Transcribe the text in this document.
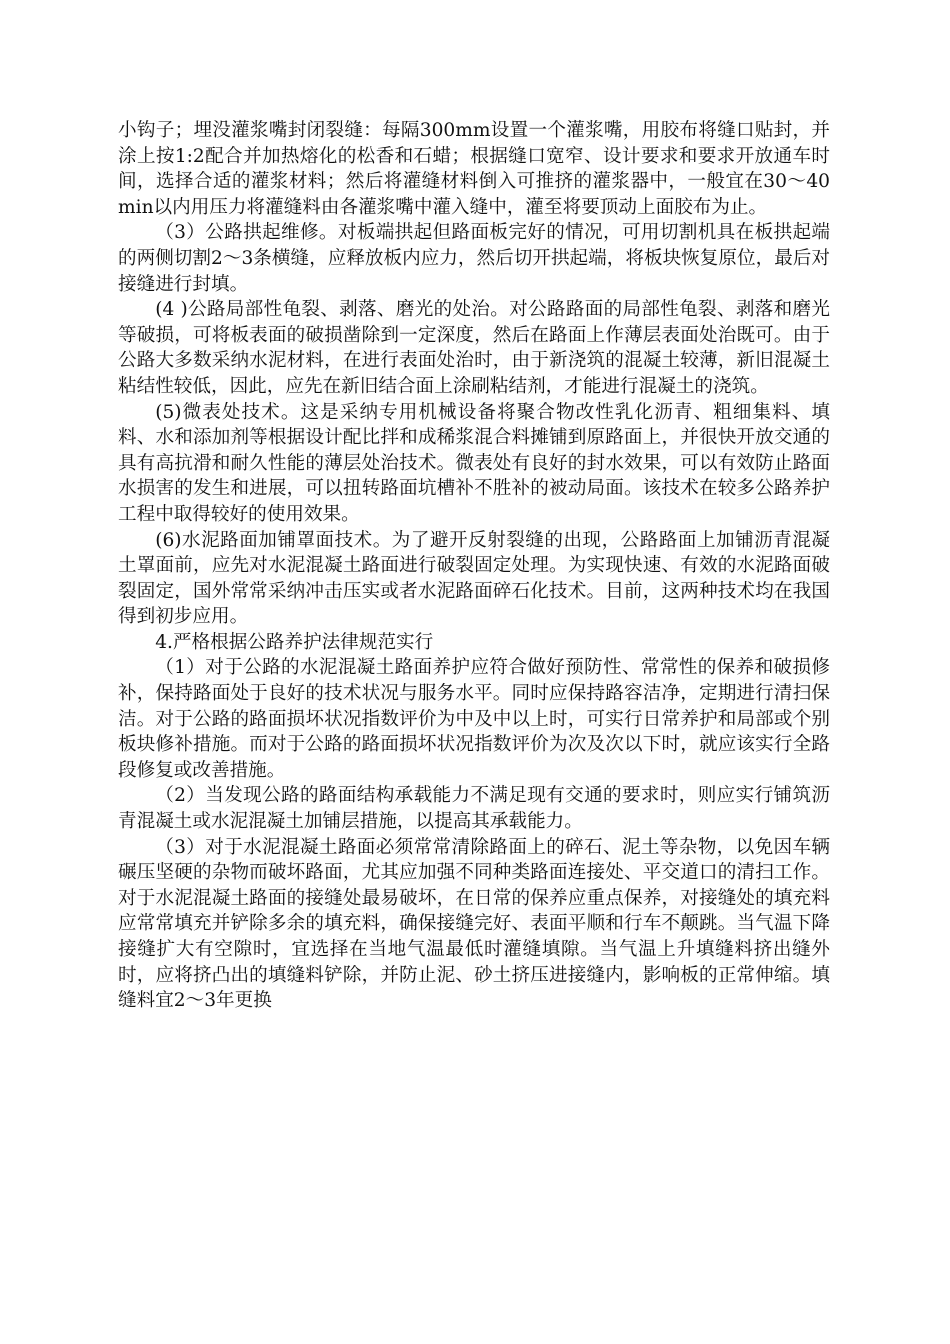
小钩子；埋没灌浆嘴封闭裂缝：每隔300mm设置一个灌浆嘴，用胶布将缝口贴封，并涂上按1:2配合并加热熔化的松香和石蜡；根据缝口宽窄、设计要求和要求开放通车时间，选择合适的灌浆材料；然后将灌缝材料倒入可推挤的灌浆器中，一般宜在30～40min以内用压力将灌缝料由各灌浆嘴中灌入缝中，灌至将要顶动上面胶布为止。

（3）公路拱起维修。对板端拱起但路面板完好的情况，可用切割机具在板拱起端的两侧切割2～3条横缝，应释放板内应力，然后切开拱起端，将板块恢复原位，最后对接缝进行封填。

(4 )公路局部性龟裂、剥落、磨光的处治。对公路路面的局部性龟裂、剥落和磨光等破损，可将板表面的破损凿除到一定深度，然后在路面上作薄层表面处治既可。由于公路大多数采纳水泥材料，在进行表面处治时，由于新浇筑的混凝土较薄，新旧混凝土粘结性较低，因此，应先在新旧结合面上涂刷粘结剂，才能进行混凝土的浇筑。

(5)微表处技术。这是采纳专用机械设备将聚合物改性乳化沥青、粗细集料、填料、水和添加剂等根据设计配比拌和成稀浆混合料摊铺到原路面上，并很快开放交通的具有高抗滑和耐久性能的薄层处治技术。微表处有良好的封水效果，可以有效防止路面水损害的发生和进展，可以扭转路面坑槽补不胜补的被动局面。该技术在较多公路养护工程中取得较好的使用效果。

(6)水泥路面加铺罩面技术。为了避开反射裂缝的出现，公路路面上加铺沥青混凝土罩面前，应先对水泥混凝土路面进行破裂固定处理。为实现快速、有效的水泥路面破裂固定，国外常常采纳冲击压实或者水泥路面碎石化技术。目前，这两种技术均在我国得到初步应用。

4.严格根据公路养护法律规范实行

（1）对于公路的水泥混凝土路面养护应符合做好预防性、常常性的保养和破损修补，保持路面处于良好的技术状况与服务水平。同时应保持路容洁净，定期进行清扫保洁。对于公路的路面损坏状况指数评价为中及中以上时，可实行日常养护和局部或个别板块修补措施。而对于公路的路面损坏状况指数评价为次及次以下时，就应该实行全路段修复或改善措施。

（2）当发现公路的路面结构承载能力不满足现有交通的要求时，则应实行铺筑沥青混凝土或水泥混凝土加铺层措施，以提高其承载能力。

（3）对于水泥混凝土路面必须常常清除路面上的碎石、泥土等杂物，以免因车辆碾压坚硬的杂物而破坏路面，尤其应加强不同种类路面连接处、平交道口的清扫工作。对于水泥混凝土路面的接缝处最易破坏，在日常的保养应重点保养，对接缝处的填充料应常常填充并铲除多余的填充料，确保接缝完好、表面平顺和行车不颠跳。当气温下降接缝扩大有空隙时，宜选择在当地气温最低时灌缝填隙。当气温上升填缝料挤出缝外时，应将挤凸出的填缝料铲除，并防止泥、砂土挤压进接缝内，影响板的正常伸缩。填缝料宜2～3年更换
